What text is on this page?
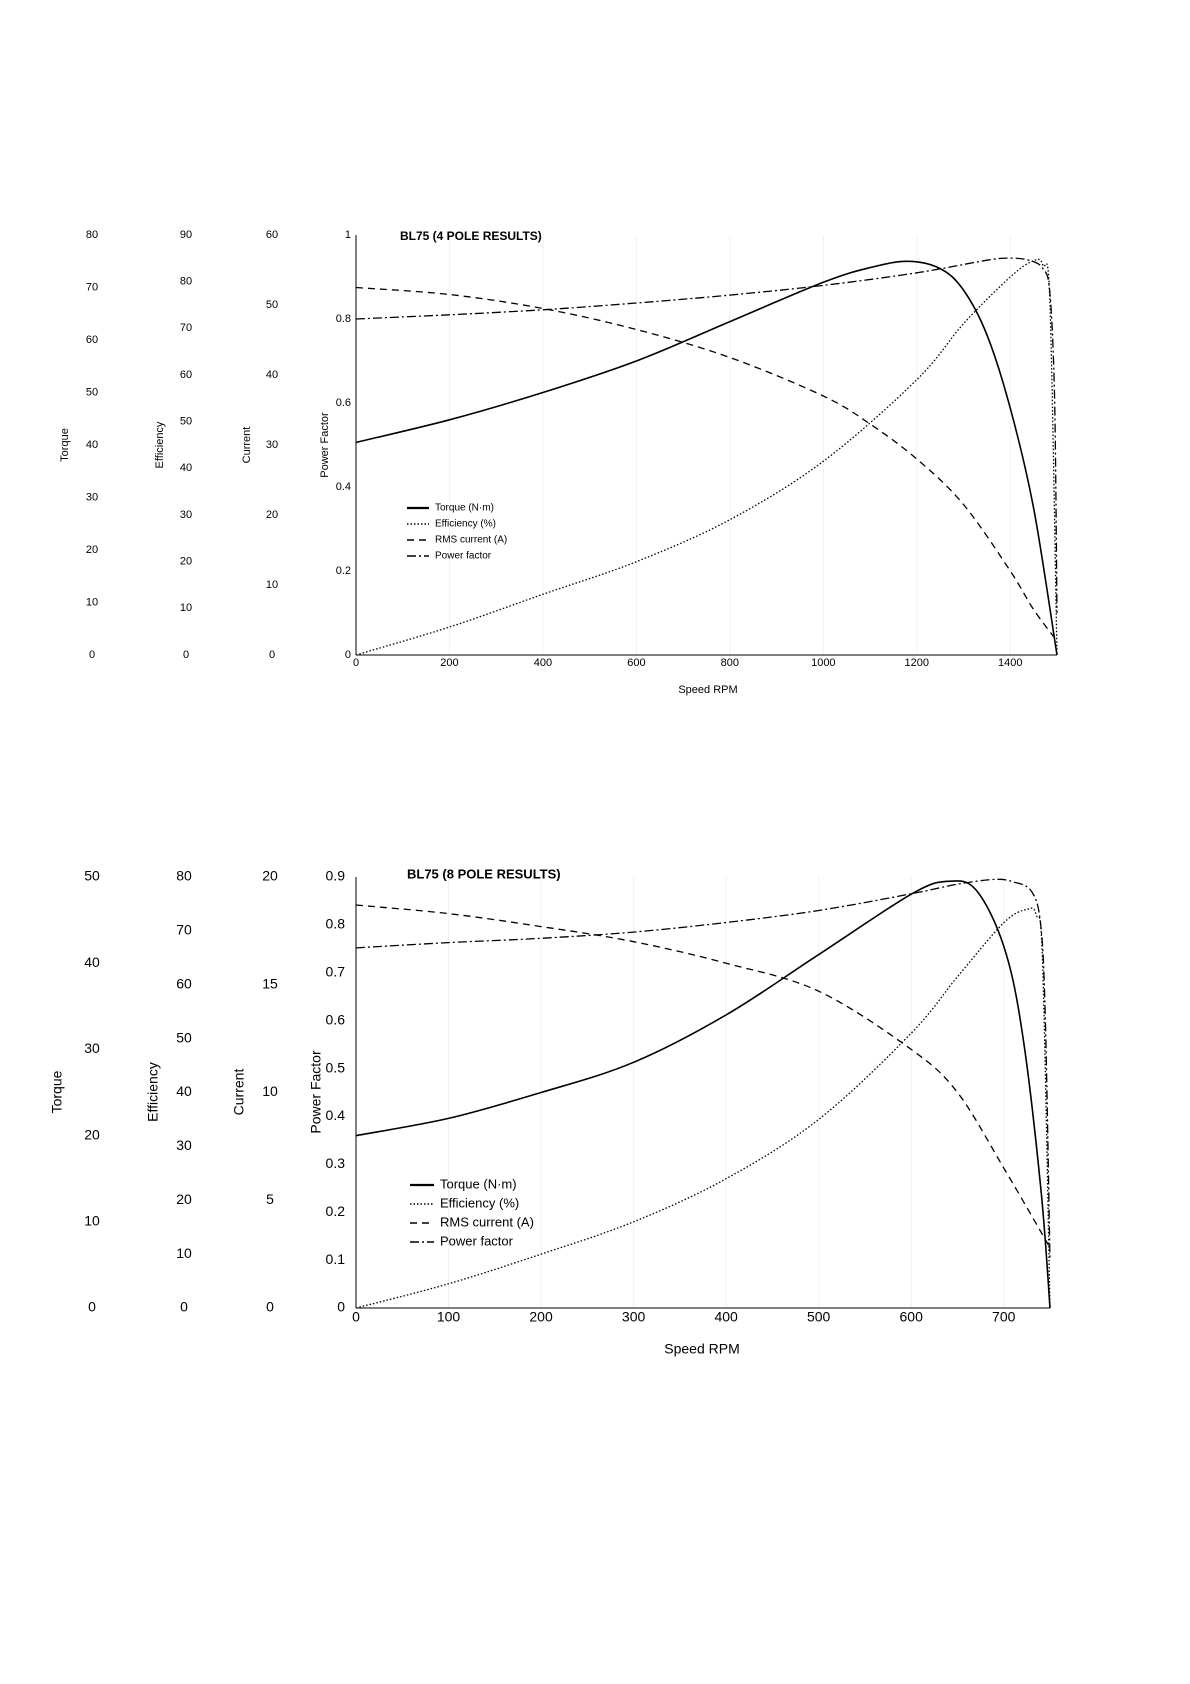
BL75 (4 POLE RESULTS)
0	200	400	600	800	1000	1200	1400
Speed RPM
0
10
20
30
40
50
60
70
80
Torque
0
10
20
30
40
50
60
70
80
90
Efficiency
0
10
20
30
40
50
60
Current
0
0.2
0.4
0.6
0.8
1
Power Factor
Torque (N·m)
Efficiency (%)
RMS current (A)
Power factor
BL75 (8 POLE RESULTS)
0	100	200	300	400	500	600	700
Speed RPM
0
10
20
30
40
50
Torque
0
10
20
30
40
50
60
70
80
Efficiency
0
5
10
15
20
Current
0
0.1
0.2
0.3
0.4
0.5
0.6
0.7
0.8
0.9
Power Factor
Torque (N·m)
Efficiency (%)
RMS current (A)
Power factor
